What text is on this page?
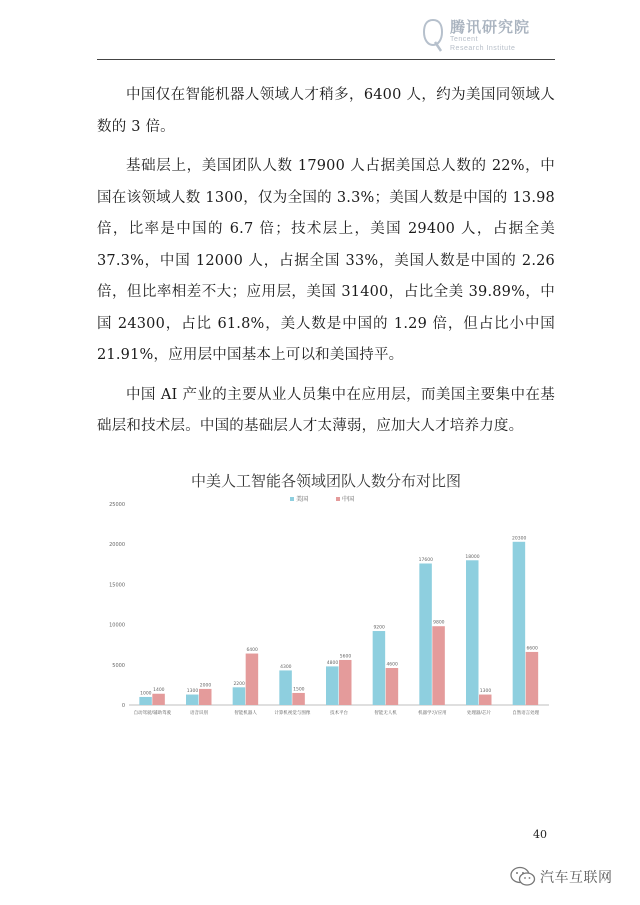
腾讯研究院
Tencent
Research Institute

中国仅在智能机器人领域人才稍多，6400 人，约为美国同领域人数的 3 倍。

基础层上，美国团队人数 17900 人占据美国总人数的 22%，中国在该领域人数 1300，仅为全国的 3.3%；美国人数是中国的 13.98 倍，比率是中国的 6.7 倍；技术层上，美国 29400 人，占据全美 37.3%，中国 12000 人，占据全国 33%，美国人数是中国的 2.26 倍，但比率相差不大；应用层，美国 31400，占比全美 39.89%，中国 24300，占比 61.8%，美人数是中国的 1.29 倍，但占比小中国 21.91%，应用层中国基本上可以和美国持平。

中国 AI 产业的主要从业人员集中在应用层，而美国主要集中在基础层和技术层。中国的基础层人才太薄弱，应加大人才培养力度。

中美人工智能各领域团队人数分布对比图
0
5000
10000
15000
20000
25000
美国	中国
1000
1400
自动驾驶/辅助驾驶
1300
2000
语音识别
2200
6400
智能机器人
4300
1500
计算机视觉与图像
4800
5600
技术平台
9200
4600
智能无人机
17600
9800
机器学习/应用
18000
1300
处理器/芯片
20300
6600
自然语言处理
40
汽车互联网
